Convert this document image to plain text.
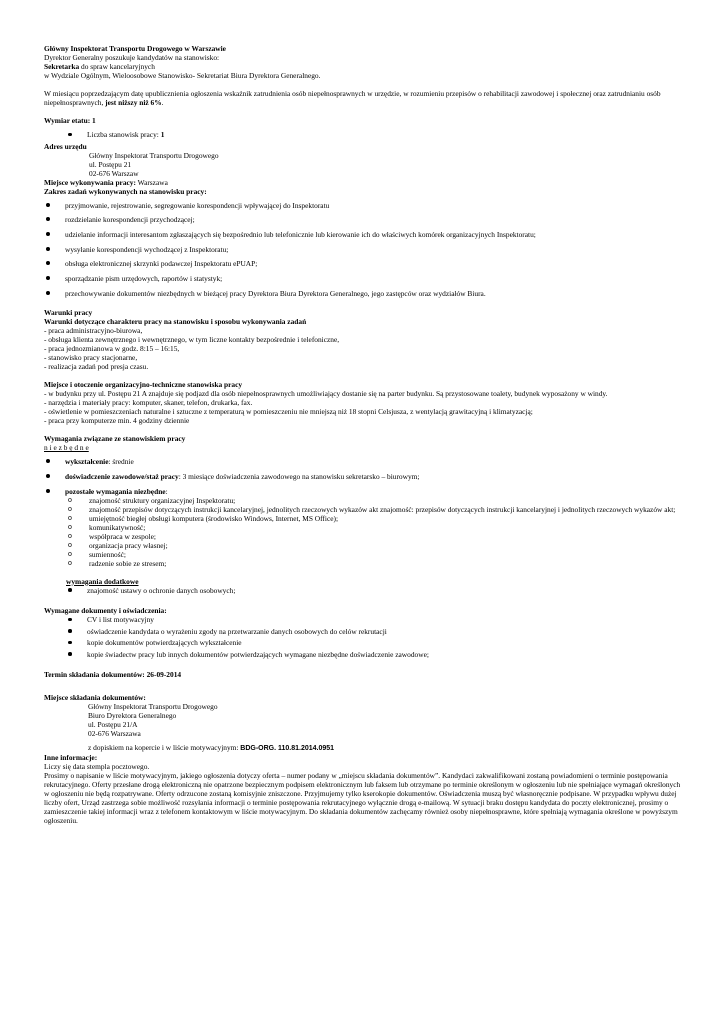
Główny Inspektorat Transportu Drogowego w Warszawie

Dyrektor Generalny poszukuje kandydatów na stanowisko:

Sekretarka do spraw kancelaryjnych

w Wydziale Ogólnym, Wieloosobowe Stanowisko- Sekretariat Biura Dyrektora Generalnego.

W miesiącu poprzedzającym datę upublicznienia ogłoszenia wskaźnik zatrudnienia osób niepełnosprawnych w urzędzie, w rozumieniu przepisów o rehabilitacji zawodowej i społecznej oraz zatrudnianiu osób niepełnosprawnych, jest niższy niż 6%.

Wymiar etatu: 1

Liczba stanowisk pracy: 1

Adres urzędu

Główny Inspektorat Transportu Drogowego

ul. Postępu 21

02-676 Warszaw

Miejsce wykonywania pracy: Warszawa

Zakres zadań wykonywanych na stanowisku pracy:

przyjmowanie, rejestrowanie, segregowanie korespondencji wpływającej do Inspektoratu
rozdzielanie korespondencji przychodzącej;
udzielanie informacji interesantom zgłaszających się bezpośrednio lub telefonicznie lub kierowanie ich do właściwych komórek organizacyjnych Inspektoratu;
wysyłanie korespondencji wychodzącej z Inspektoratu;
obsługa elektronicznej skrzynki podawczej Inspektoratu ePUAP;
sporządzanie pism urzędowych, raportów i statystyk;
przechowywanie dokumentów niezbędnych w bieżącej pracy Dyrektora Biura Dyrektora Generalnego, jego zastępców oraz wydziałów Biura.

Warunki pracy

Warunki dotyczące charakteru pracy na stanowisku i sposobu wykonywania zadań

- praca administracyjno-biurowa,

- obsługa klienta zewnętrznego i wewnętrznego, w tym liczne kontakty bezpośrednie i telefoniczne,

- praca jednozmianowa w godz. 8:15 – 16:15,

- stanowisko pracy stacjonarne,

- realizacja zadań pod presja czasu.

Miejsce i otoczenie organizacyjno-techniczne stanowiska pracy

- w budynku przy ul. Postępu 21 A znajduje się podjazd dla osób niepełnosprawnych umożliwiający dostanie się na parter budynku. Są przystosowane toalety, budynek wyposażony w windy.

- narzędzia i materiały pracy: komputer, skaner, telefon, drukarka, fax.

- oświetlenie w pomieszczeniach naturalne i sztuczne z temperaturą w pomieszczeniu nie mniejszą niż 18 stopni Celsjusza, z wentylacją grawitacyjną i klimatyzacją;

- praca przy komputerze min. 4 godziny dziennie

Wymagania związane ze stanowiskiem pracy

n i e z b ę d n e

wykształcenie: średnie
doświadczenie zawodowe/staż pracy: 3 miesiące doświadczenia zawodowego na stanowisku sekretarsko – biurowym;
pozostałe wymagania niezbędne:
o znajomość struktury organizacyjnej Inspektoratu;
o znajomość przepisów dotyczących instrukcji kancelaryjnej, jednolitych rzeczowych wykazów akt znajomość: przepisów dotyczących instrukcji kancelaryjnej i jednolitych rzeczowych wykazów akt;
o umiejętność biegłej obsługi komputera (środowisko Windows, Internet, MS Office);
o komunikatywność;
o współpraca w zespole;
o organizacja pracy własnej;
o sumienność;
o radzenie sobie ze stresem;

wymagania dodatkowe

znajomość ustawy o ochronie danych osobowych;

Wymagane dokumenty i oświadczenia:

CV i list motywacyjny
oświadczenie kandydata o wyrażeniu zgody na przetwarzanie danych osobowych do celów rekrutacji
kopie dokumentów potwierdzających wykształcenie
kopie świadectw pracy lub innych dokumentów potwierdzających wymagane niezbędne doświadczenie zawodowe;

Termin składania dokumentów: 26-09-2014

Miejsce składania dokumentów:

Główny Inspektorat Transportu Drogowego

Biuro Dyrektora Generalnego

ul. Postępu 21/A

02-676 Warszawa

z dopiskiem na kopercie i w liście motywacyjnym: BDG-ORG. 110.81.2014.0951

Inne informacje:

Liczy się data stempla pocztowego.

Prosimy o napisanie w liście motywacyjnym, jakiego ogłoszenia dotyczy oferta – numer podany w „miejscu składania dokumentów”. Kandydaci zakwalifikowani zostaną powiadomieni o terminie postępowania rekrutacyjnego. Oferty przesłane drogą elektroniczną nie opatrzone bezpiecznym podpisem elektronicznym lub faksem lub otrzymane po terminie określonym w ogłoszeniu lub nie spełniające wymagań określonych w ogłoszeniu nie będą rozpatrywane. Oferty odrzucone zostaną komisyjnie zniszczone. Przyjmujemy tylko kserokopie dokumentów. Oświadczenia muszą być własnoręcznie podpisane. W przypadku wpływu dużej liczby ofert, Urząd zastrzega sobie możliwość rozsyłania informacji o terminie postępowania rekrutacyjnego wyłącznie drogą e-mailową. W sytuacji braku dostępu kandydata do poczty elektronicznej, prosimy o zamieszczenie takiej informacji wraz z telefonem kontaktowym w liście motywacyjnym. Do składania dokumentów zachęcamy również osoby niepełnosprawne, które spełniają wymagania określone w powyższym ogłoszeniu.
